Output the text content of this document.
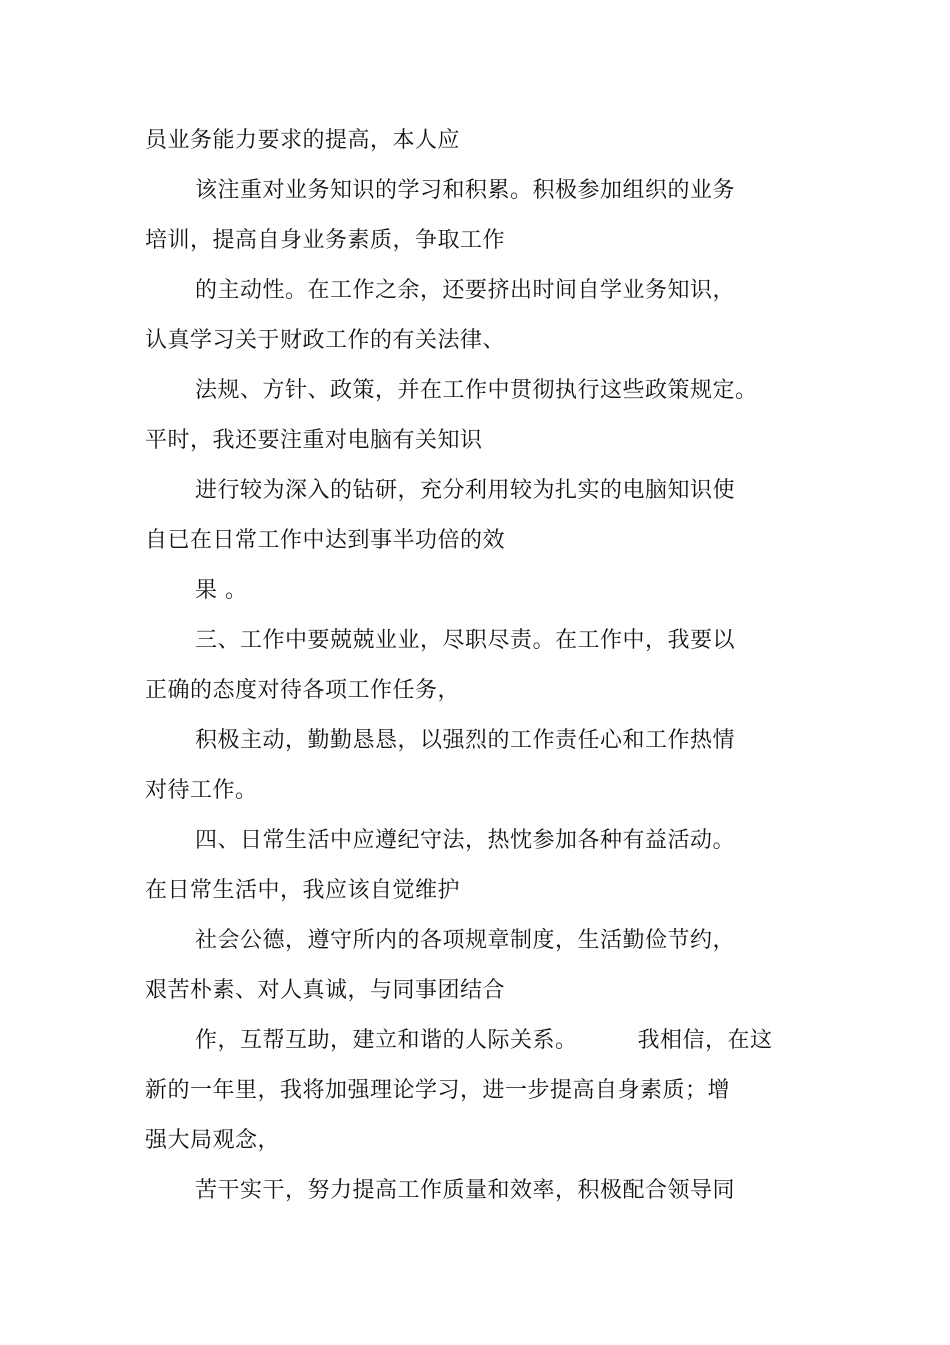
员业务能力要求的提高，本人应
该注重对业务知识的学习和积累。积极参加组织的业务
培训，提高自身业务素质，争取工作
的主动性。在工作之余，还要挤出时间自学业务知识，
认真学习关于财政工作的有关法律、
法规、方针、政策，并在工作中贯彻执行这些政策规定。
平时，我还要注重对电脑有关知识
进行较为深入的钻研，充分利用较为扎实的电脑知识使
自已在日常工作中达到事半功倍的效
果 。
三、工作中要兢兢业业，尽职尽责。在工作中，我要以
正确的态度对待各项工作任务，
积极主动，勤勤恳恳，以强烈的工作责任心和工作热情
对待工作。
四、日常生活中应遵纪守法，热忱参加各种有益活动。
在日常生活中，我应该自觉维护
社会公德，遵守所内的各项规章制度，生活勤俭节约，
艰苦朴素、对人真诚，与同事团结合
作，互帮互助，建立和谐的人际关系。	我相信，在这
新的一年里，我将加强理论学习，进一步提高自身素质；增
强大局观念，
苦干实干，努力提高工作质量和效率，积极配合领导同
